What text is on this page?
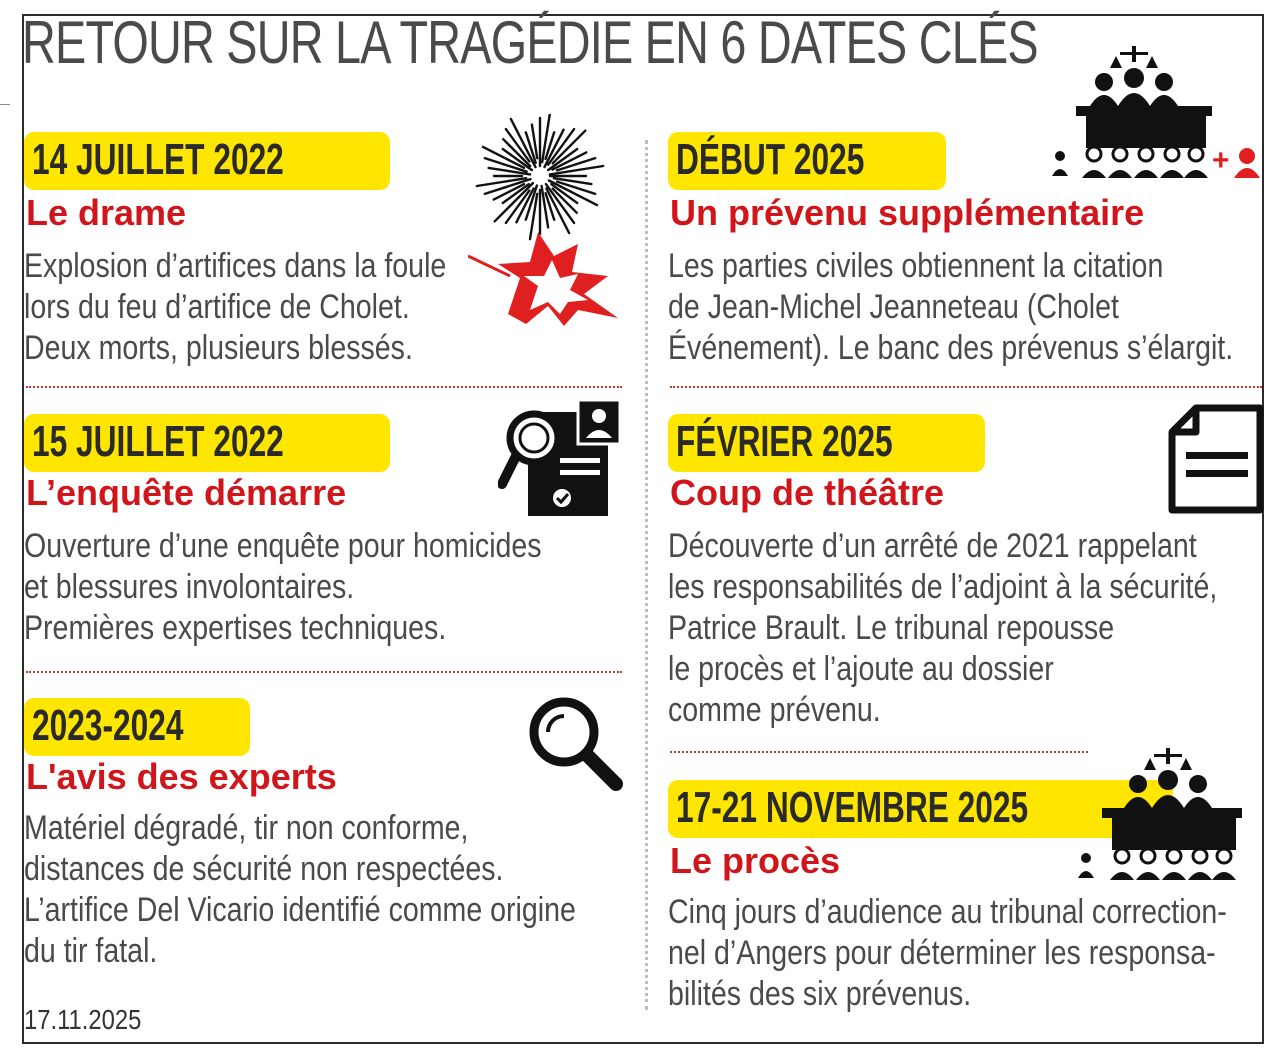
RETOUR SUR LA TRAGÉDIE EN 6 DATES CLÉS
14 JUILLET 2022
Le drame
Explosion d’artifices dans la foule
lors du feu d’artifice de Cholet.
Deux morts, plusieurs blessés.
15 JUILLET 2022
L’enquête démarre
Ouverture d’une enquête pour homicides
et blessures involontaires.
Premières expertises techniques.
2023-2024
L'avis des experts
Matériel dégradé, tir non conforme,
distances de sécurité non respectées.
L’artifice Del Vicario identifié comme origine
du tir fatal.
DÉBUT 2025
Un prévenu supplémentaire
Les parties civiles obtiennent la citation
de Jean-Michel Jeanneteau (Cholet
Événement). Le banc des prévenus s’élargit.
+
FÉVRIER 2025
Coup de théâtre
Découverte d’un arrêté de 2021 rappelant
les responsabilités de l’adjoint à la sécurité,
Patrice Brault. Le tribunal repousse
le procès et l’ajoute au dossier
comme prévenu.
17-21 NOVEMBRE 2025
Le procès
Cinq jours d’audience au tribunal correction-
nel d’Angers pour déterminer les responsa-
bilités des six prévenus.
17.11.2025
